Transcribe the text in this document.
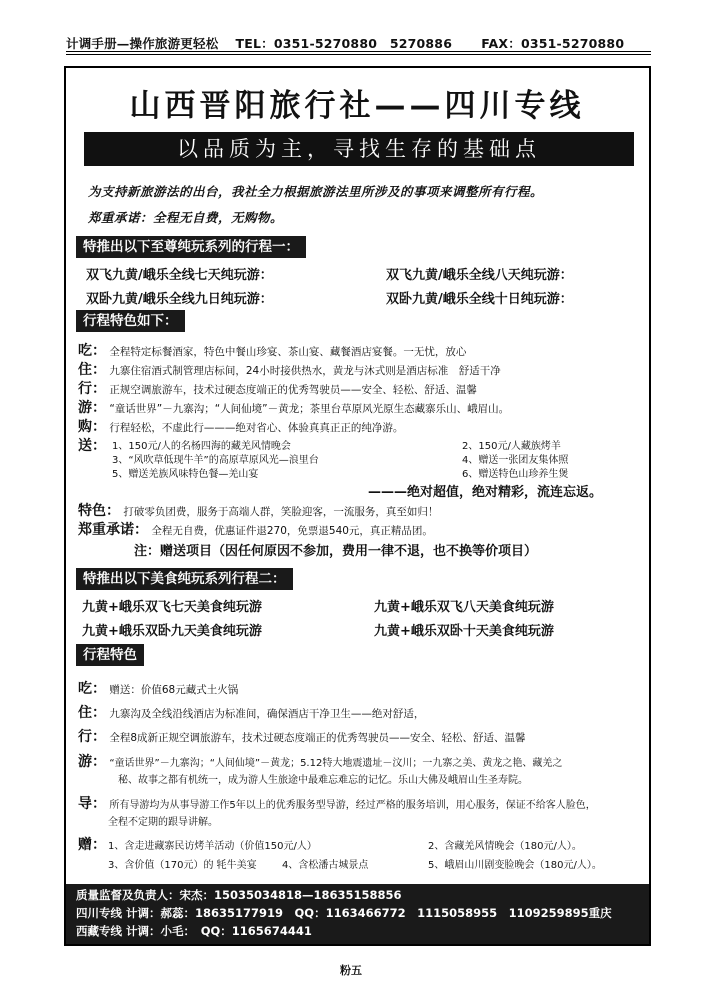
计调手册—操作旅游更轻松 TEL：0351-5270880　5270886 FAX：0351-5270880
山西晋阳旅行社——四川专线
以品质为主，寻找生存的基础点
为支持新旅游法的出台，我社全力根据旅游法里所涉及的事项来调整所有行程。
郑重承诺：全程无自费，无购物。
特推出以下至尊纯玩系列的行程一：
双飞九黄/峨乐全线七天纯玩游：	双飞九黄/峨乐全线八天纯玩游：
双卧九黄/峨乐全线九日纯玩游：	双卧九黄/峨乐全线十日纯玩游：
行程特色如下：
吃： 全程特定标餐酒家，特色中餐山珍宴、茶山宴、藏餐酒店宴餐。一无忧，放心
住： 九寨住宿酒式制管理店标间，24小时接供热水，黄龙与沐式则是酒店标准　舒适干净
行： 正规空调旅游车，技术过硬态度端正的优秀驾驶员——安全、轻松、舒适、温馨
游： “童话世界”－九寨沟；“人间仙境”－黄龙；茶里台草原风光原生态藏寨乐山、峨眉山。
购： 行程轻松，不虚此行———绝对省心、体验真真正正的纯净游。
送： 1、150元/人的名杨四海的藏羌风情晚会	2、150元/人藏族烤羊
3、“风吹草低现牛羊”的高原草原风光—浪里台	4、赠送一张团友集体照
5、赠送羌族风味特色餐—羌山宴	6、赠送特色山珍养生煲
———绝对超值，绝对精彩，流连忘返。
特色： 打破零负团费，服务于高端人群，笑脸迎客，一流服务，真至如归！
郑重承诺： 全程无自费，优惠证件退270，免票退540元，真正精品团。
注：赠送项目（因任何原因不参加，费用一律不退，也不换等价项目）
特推出以下美食纯玩系列行程二：
九黄+峨乐双飞七天美食纯玩游	九黄+峨乐双飞八天美食纯玩游
九黄+峨乐双卧九天美食纯玩游	九黄+峨乐双卧十天美食纯玩游
行程特色
吃： 赠送：价值68元藏式土火锅
住： 九寨沟及全线沿线酒店为标准间，确保酒店干净卫生——绝对舒适，
行： 全程8成新正规空调旅游车，技术过硬态度端正的优秀驾驶员——安全、轻松、舒适、温馨
游： “童话世界”－九寨沟；“人间仙境”－黄龙；5.12特大地震遗址－汶川；一九寨之美、黄龙之艳、藏羌之
秘、故事之都有机统一，成为游人生旅途中最难忘难忘的记忆。乐山大佛及峨眉山生圣寿院。
导： 所有导游均为从事导游工作5年以上的优秀服务型导游，经过严格的服务培训，用心服务，保证不给客人脸色，
全程不定期的跟导讲解。
赠： 1、含走进藏寨民访烤羊活动（价值150元/人）	2、含藏羌风情晚会（180元/人）。
3、含价值（170元）的 牦牛美宴	4、含松潘古城景点	5、峨眉山川剧变脸晚会（180元/人）。
质量监督及负责人：宋杰：15035034818—18635158856
四川专线 计调：郝蕊：18635177919　QQ：1163466772　1115058955　1109259895重庆
西藏专线 计调：小毛：　QQ：1165674441
粉五
